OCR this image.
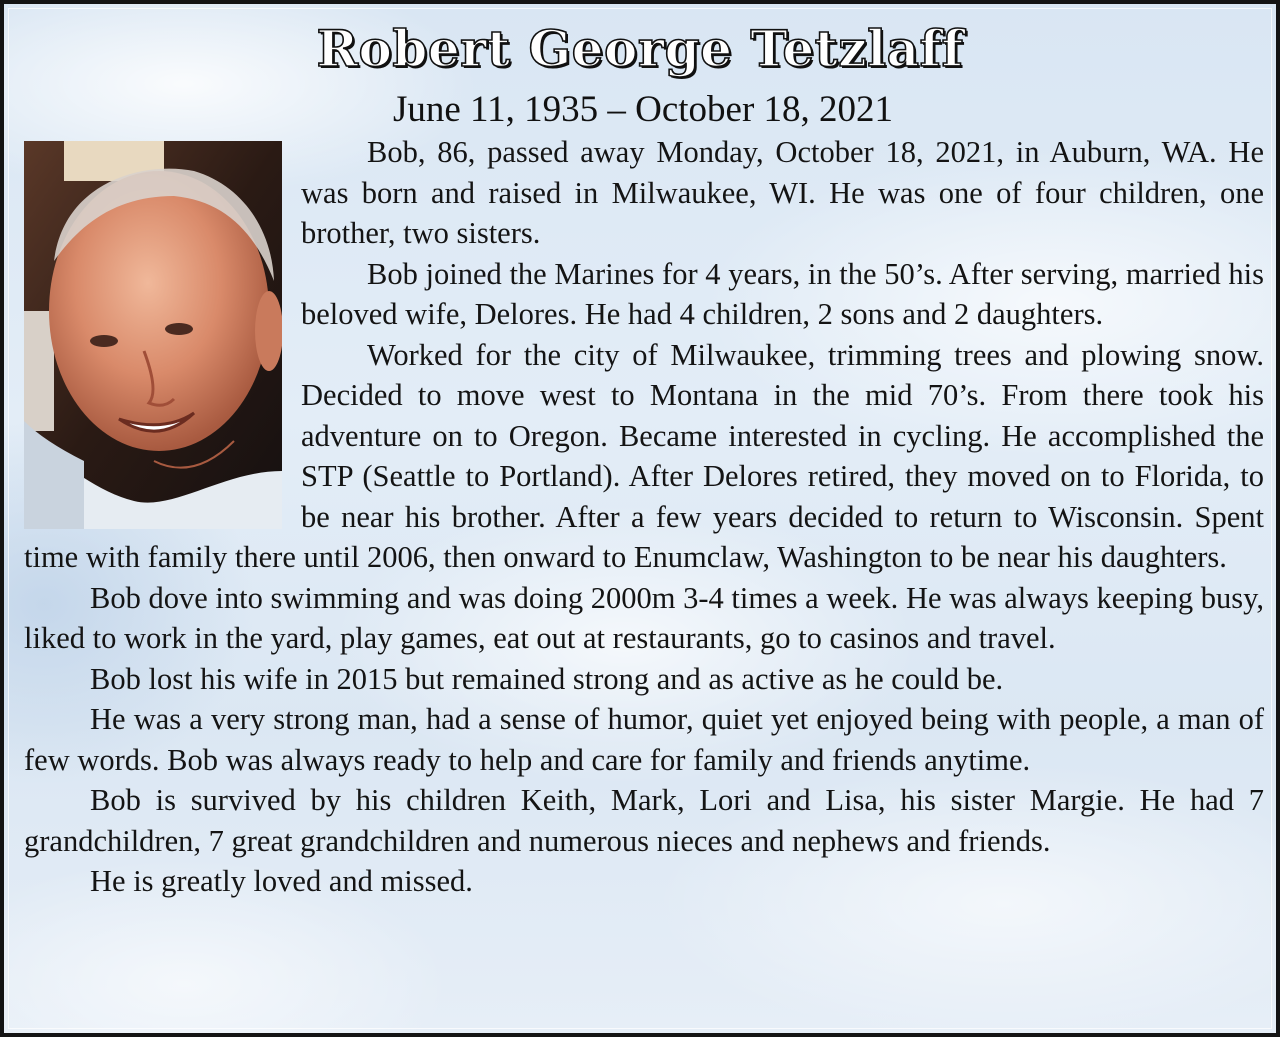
Robert George Tetzlaff
June 11, 1935 – October 18, 2021

Bob, 86, passed away Monday, October 18, 2021, in Auburn, WA. He was born and raised in Milwaukee, WI. He was one of four children, one brother, two sisters.

Bob joined the Marines for 4 years, in the 50’s. After serving, married his beloved wife, Delores. He had 4 children, 2 sons and 2 daughters.

Worked for the city of Milwaukee, trimming trees and plowing snow. Decided to move west to Montana in the mid 70’s. From there took his adventure on to Oregon. Became interested in cycling. He accomplished the STP (Seattle to Portland). After Delores retired, they moved on to Florida, to be near his brother. After a few years decided to return to Wisconsin. Spent time with family there until 2006, then onward to Enumclaw, Washington to be near his daughters.

Bob dove into swimming and was doing 2000m 3-4 times a week. He was always keeping busy, liked to work in the yard, play games, eat out at restaurants, go to casinos and travel.

Bob lost his wife in 2015 but remained strong and as active as he could be.

He was a very strong man, had a sense of humor, quiet yet enjoyed being with people, a man of few words. Bob was always ready to help and care for family and friends anytime.

Bob is survived by his children Keith, Mark, Lori and Lisa, his sister Margie. He had 7 grandchildren, 7 great grandchildren and numerous nieces and nephews and friends.

He is greatly loved and missed.
